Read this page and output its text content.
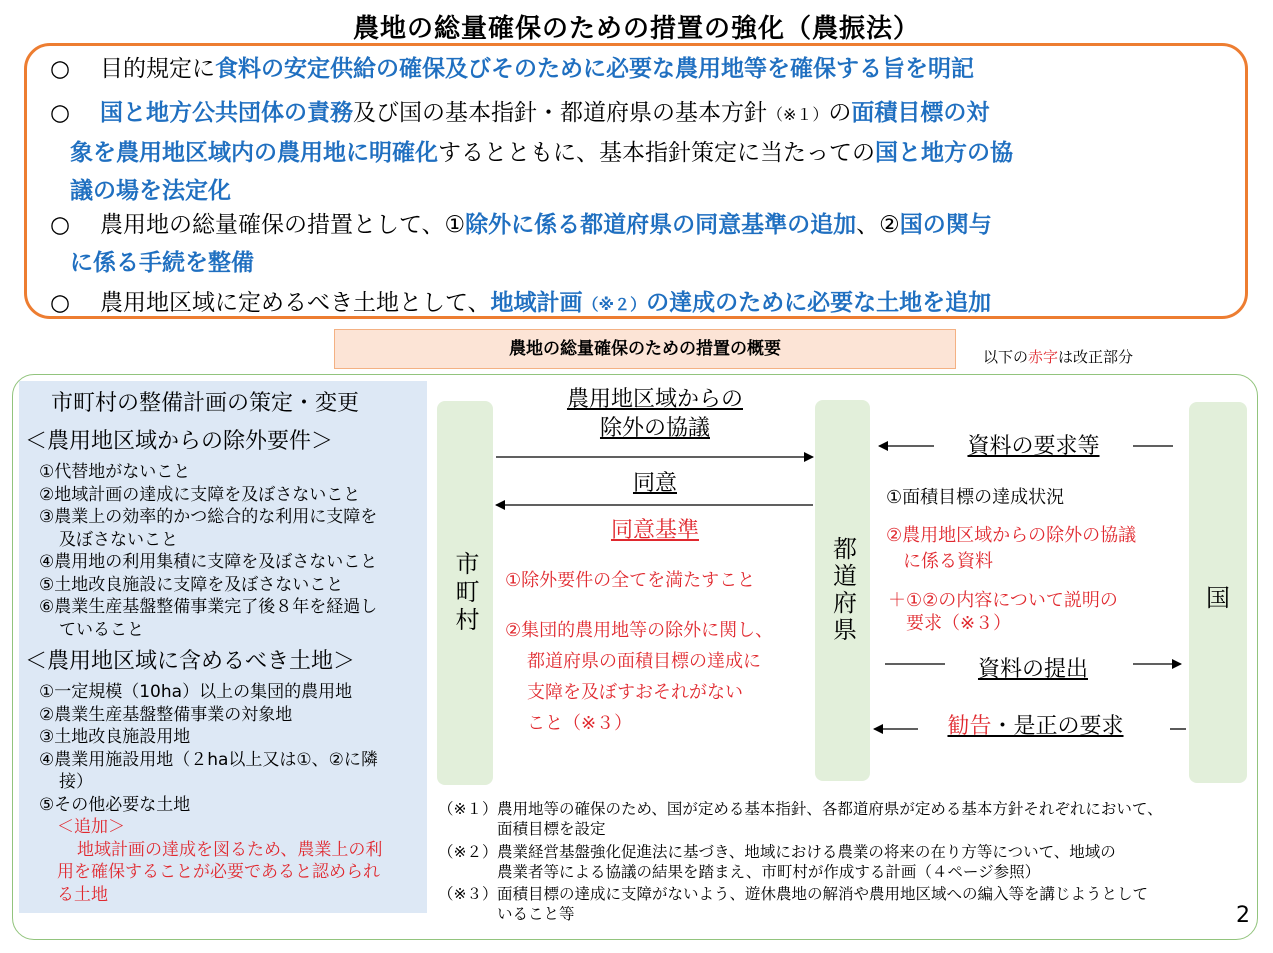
農地の総量確保のための措置の強化（農振法）
○ 目的規定に食料の安定供給の確保及びそのために必要な農用地等を確保する旨を明記
○ 国と地方公共団体の責務及び国の基本指針・都道府県の基本方針（※１）の面積目標の対
象を農用地区域内の農用地に明確化するとともに、基本指針策定に当たっての国と地方の協
議の場を法定化
○ 農用地の総量確保の措置として、①除外に係る都道府県の同意基準の追加、②国の関与
に係る手続を整備
○ 農用地区域に定めるべき土地として、地域計画（※２）の達成のために必要な土地を追加
農地の総量確保のための措置の概要	以下の赤字は改正部分
市町村の整備計画の策定・変更
＜農用地区域からの除外要件＞
①代替地がないこと
②地域計画の達成に支障を及ぼさないこと
③農業上の効率的かつ総合的な利用に支障を
及ぼさないこと
④農用地の利用集積に支障を及ぼさないこと
⑤土地改良施設に支障を及ぼさないこと
⑥農業生産基盤整備事業完了後８年を経過し
ていること
＜農用地区域に含めるべき土地＞
①一定規模（10ha）以上の集団的農用地
②農業生産基盤整備事業の対象地
③土地改良施設用地
④農業用施設用地（２ha以上又は①、②に隣
接）
⑤その他必要な土地
＜追加＞
地域計画の達成を図るため、農業上の利
用を確保することが必要であると認められ
る土地
市町村	都道府県	国
農用地区域からの
除外の協議
同意
同意基準
①除外要件の全てを満たすこと
②集団的農用地等の除外に関し、
都道府県の面積目標の達成に
支障を及ぼすおそれがない
こと（※３）
資料の要求等
①面積目標の達成状況
②農用地区域からの除外の協議
に係る資料
＋①②の内容について説明の
要求（※３）
資料の提出
勧告・是正の要求
（※１） 農用地等の確保のため、国が定める基本指針、各都道府県が定める基本方針それぞれにおいて、
面積目標を設定
（※２） 農業経営基盤強化促進法に基づき、地域における農業の将来の在り方等について、地域の
農業者等による協議の結果を踏まえ、市町村が作成する計画（４ページ参照）
（※３） 面積目標の達成に支障がないよう、遊休農地の解消や農用地区域への編入等を講じようとして
いること等	2
